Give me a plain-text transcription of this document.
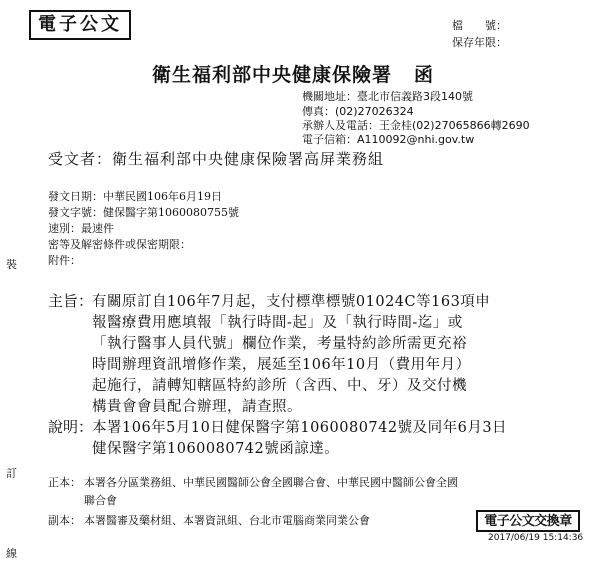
電子公文	檔　　號：
保存年限：
衛生福利部中央健康保險署 函
機關地址：臺北市信義路3段140號
傳真：(02)27026324
承辦人及電話：王金桂(02)27065866轉2690
電子信箱：A110092@nhi.gov.tw
受文者：衛生福利部中央健康保險署高屏業務組
發文日期：中華民國106年6月19日
發文字號：健保醫字第1060080755號
速別：最速件
密等及解密條件或保密期限：
附件：
裝
訂
線
主旨：
有關原訂自106年7月起，支付標準標號01024C等163項申
報醫療費用應填報「執行時間-起」及「執行時間-迄」或
「執行醫事人員代號」欄位作業，考量特約診所需更充裕
時間辦理資訊增修作業，展延至106年10月（費用年月）
起施行，請轉知轄區特約診所（含西、中、牙）及交付機
構貴會會員配合辦理，請查照。
說明：
本署106年5月10日健保醫字第1060080742號及同年6月3日
健保醫字第1060080742號函諒達。
正本： 本署各分區業務組、中華民國醫師公會全國聯合會、中華民國中醫師公會全國
聯合會
副本： 本署醫審及藥材組、本署資訊組、台北市電腦商業同業公會	電子公文交換章
2017/06/19 15:14:36
